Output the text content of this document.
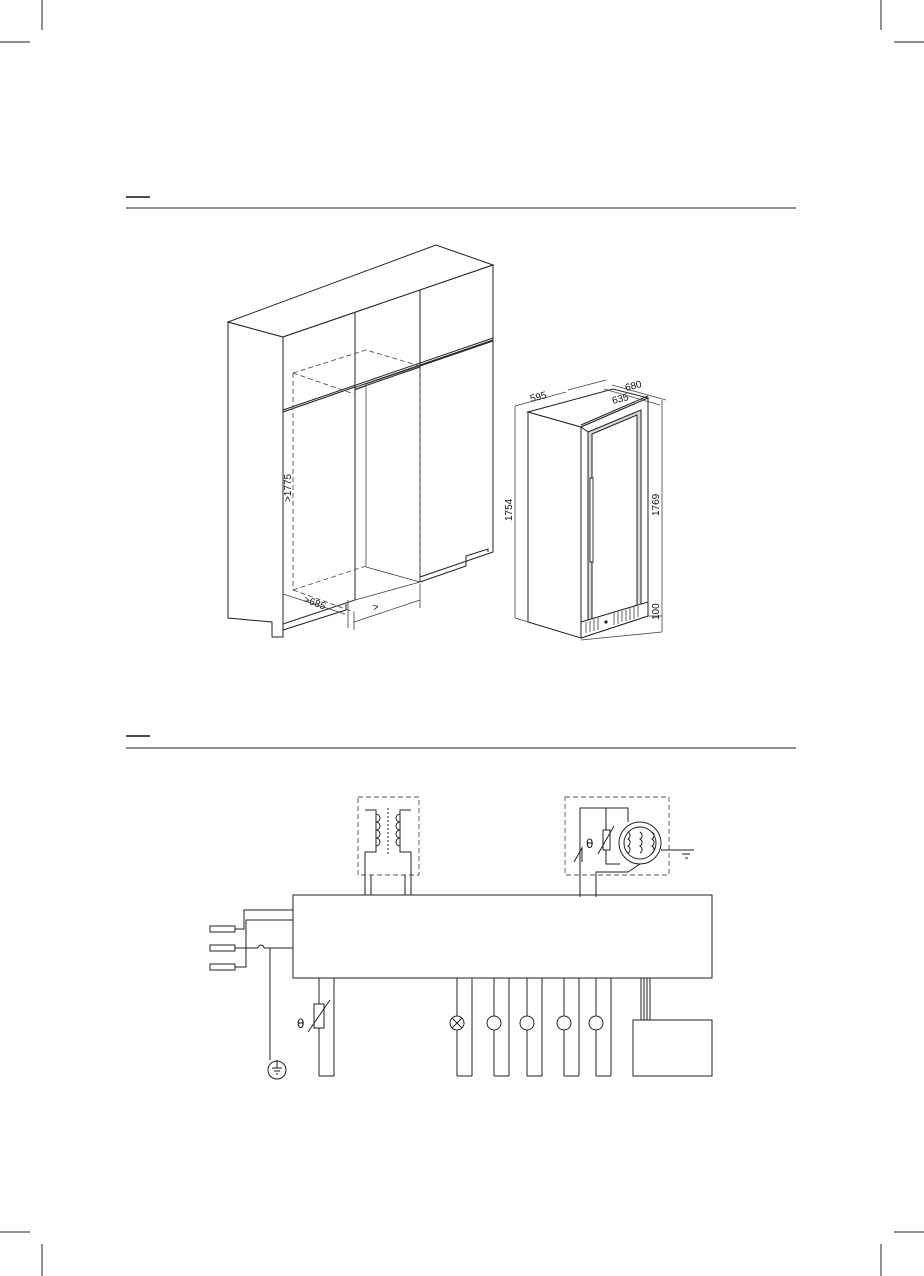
>1775
>685	>
595
680
635
1754	1769
100
θ
θ
